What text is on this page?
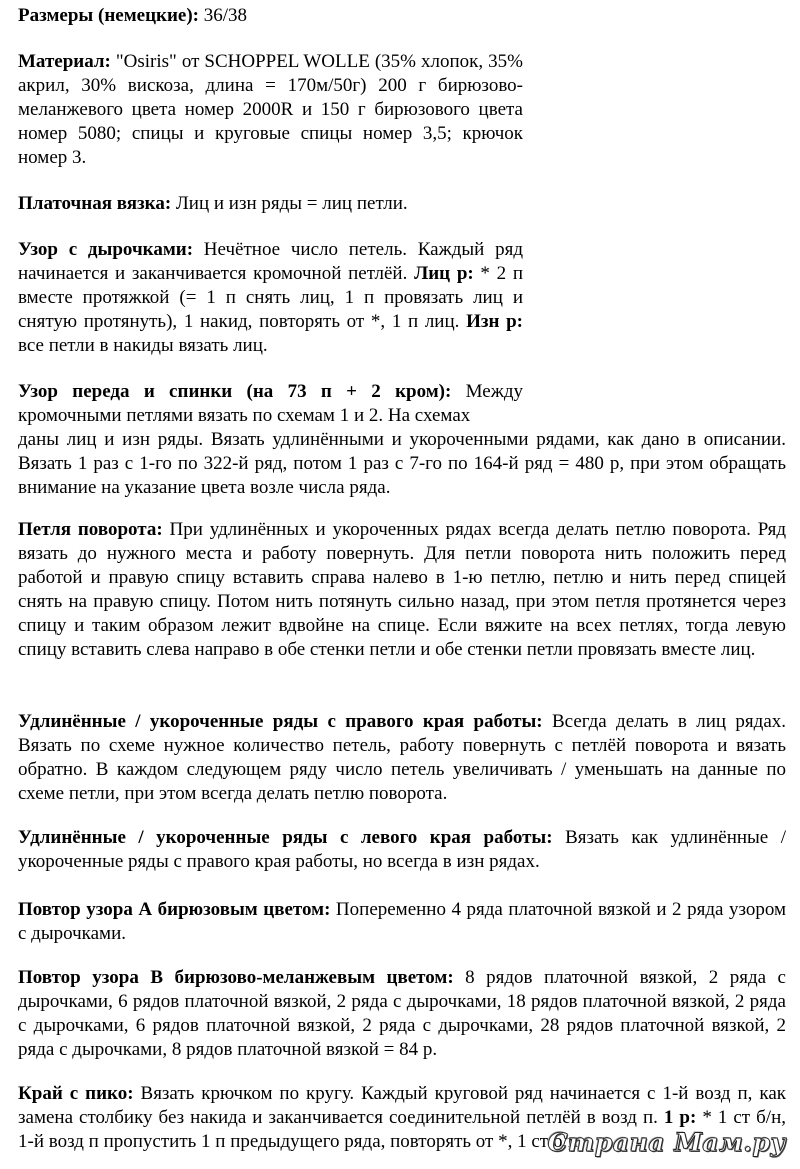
Размеры (немецкие): 36/38

Материал: "Osiris" от SCHOPPEL WOLLE (35% хлопок, 35% акрил, 30% вискоза, длина = 170м/50г) 200 г бирюзово-меланжевого цвета номер 2000R и 150 г бирюзового цвета номер 5080; спицы и круговые спицы номер 3,5; крючок номер 3.

Платочная вязка: Лиц и изн ряды = лиц петли.

Узор с дырочками: Нечётное число петель. Каждый ряд начинается и заканчивается кромочной петлёй. Лиц р: * 2 п вместе протяжкой (= 1 п снять лиц, 1 п провязать лиц и снятую протянуть), 1 накид, повторять от *, 1 п лиц. Изн р: все петли в накиды вязать лиц.

Узор переда и спинки (на 73 п + 2 кром): Между кромочными петлями вязать по схемам 1 и 2. На схемах

даны лиц и изн ряды. Вязать удлинёнными и укороченными рядами, как дано в описании. Вязать 1 раз с 1-го по 322-й ряд, потом 1 раз с 7-го по 164-й ряд = 480 р, при этом обращать внимание на указание цвета возле числа ряда.

Петля поворота: При удлинённых и укороченных рядах всегда делать петлю поворота. Ряд вязать до нужного места и работу повернуть. Для петли поворота нить положить перед работой и правую спицу вставить справа налево в 1-ю петлю, петлю и нить перед спицей снять на правую спицу. Потом нить потянуть сильно назад, при этом петля протянется через спицу и таким образом лежит вдвойне на спице. Если вяжите на всех петлях, тогда левую спицу вставить слева направо в обе стенки петли и обе стенки петли провязать вместе лиц.

Удлинённые / укороченные ряды с правого края работы: Всегда делать в лиц рядах. Вязать по схеме нужное количество петель, работу повернуть с петлёй поворота и вязать обратно. В каждом следующем ряду число петель увеличивать / уменьшать на данные по схеме петли, при этом всегда делать петлю поворота.

Удлинённые / укороченные ряды с левого края работы: Вязать как удлинённые / укороченные ряды с правого края работы, но всегда в изн рядах.

Повтор узора А бирюзовым цветом: Попеременно 4 ряда платочной вязкой и 2 ряда узором с дырочками.

Повтор узора В бирюзово-меланжевым цветом: 8 рядов платочной вязкой, 2 ряда с дырочками, 6 рядов платочной вязкой, 2 ряда с дырочками, 18 рядов платочной вязкой, 2 ряда с дырочками, 6 рядов платочной вязкой, 2 ряда с дырочками, 28 рядов платочной вязкой, 2 ряда с дырочками, 8 рядов платочной вязкой = 84 р.

Край с пико: Вязать крючком по кругу. Каждый круговой ряд начинается с 1-й возд п, как замена столбику без накида и заканчивается соединительной петлёй в возд п. 1 р: * 1 ст б/н, 1-й возд п пропустить 1 п предыдущего ряда, повторять от *, 1 ст б/н

Страна Мам.ру
